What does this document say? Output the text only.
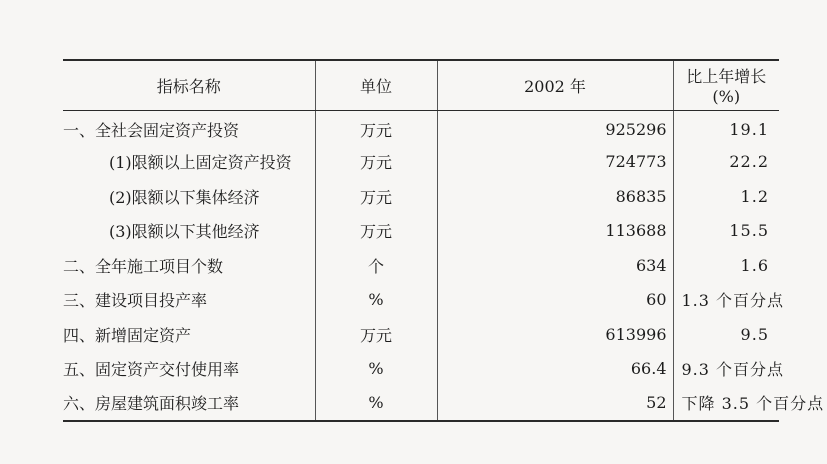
指标名称	单位	2002 年	比上年增长(%)
一、全社会固定资产投资	万元	925296	19.1
(1)限额以上固定资产投资	万元	724773	22.2
(2)限额以下集体经济	万元	86835	1.2
(3)限额以下其他经济	万元	113688	15.5
二、全年施工项目个数	个	634	1.6
三、建设项目投产率	%	60	1.3 个百分点
四、新增固定资产	万元	613996	9.5
五、固定资产交付使用率	%	66.4	9.3 个百分点
六、房屋建筑面积竣工率	%	52	下降 3.5 个百分点
